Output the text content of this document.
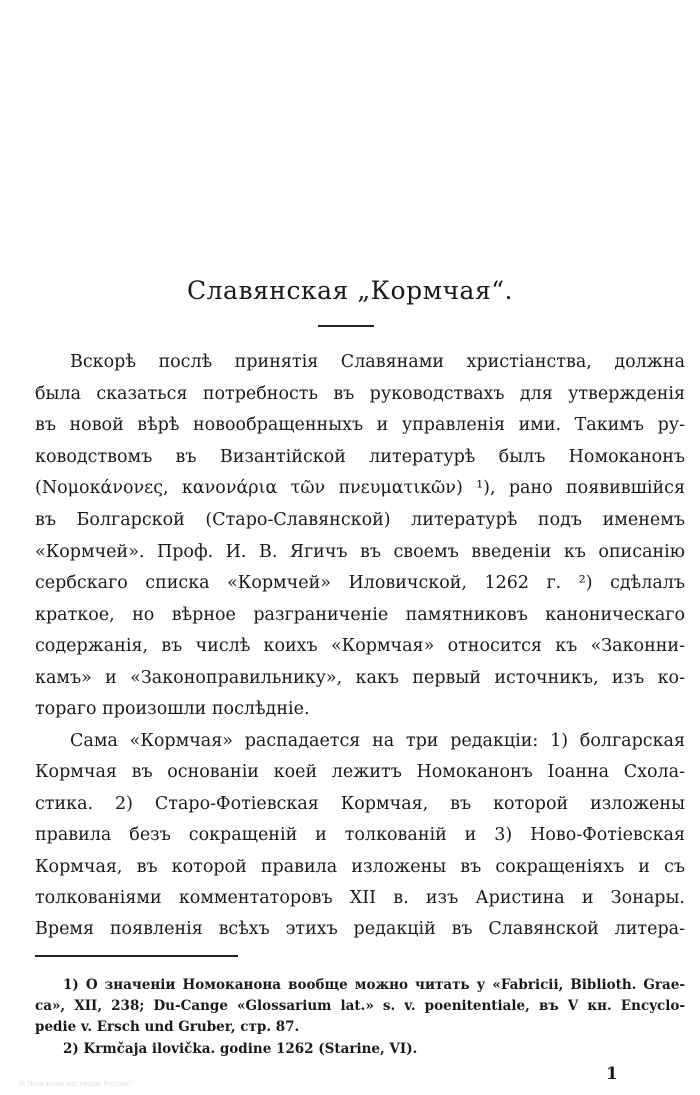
Славянская „Кормчая“.
Вскорѣ послѣ принятія Славянами христіанства, должна
была сказаться потребность въ руководствахъ для утвержденія
въ новой вѣрѣ новообращенныхъ и управленія ими. Такимъ ру-
ководствомъ въ Византійской литературѣ былъ Номоканонъ
(Νομοκάνονες, κανονάρια τῶν πνευματικῶν) ¹), рано появившійся
въ Болгарской (Старо-Славянской) литературѣ подъ именемъ
«Кормчей». Проф. И. В. Ягичъ въ своемъ введеніи къ описанію
сербскаго списка «Кормчей» Иловичской, 1262 г. ²) сдѣлалъ
краткое, но вѣрное разграниченіе памятниковъ каноническаго
содержанія, въ числѣ коихъ «Кормчая» относится къ «Законни-
камъ» и «Законоправильнику», какъ первый источникъ, изъ ко-
тораго произошли послѣдніе.
Сама «Кормчая» распадается на три редакціи: 1) болгарская
Кормчая въ основаніи коей лежитъ Номоканонъ Іоанна Схола-
стика. 2) Старо-Фотіевская Кормчая, въ которой изложены
правила безъ сокращеній и толкованій и 3) Ново-Фотіевская
Кормчая, въ которой правила изложены въ сокращеніяхъ и съ
толкованіями комментаторовъ XII в. изъ Аристина и Зонары.
Время появленія всѣхъ этихъ редакцій въ Славянской литера-
1) О значеніи Номоканона вообще можно читать у «Fabricii, Biblioth. Grae-
ca», XII, 238; Du-Cange «Glossarium lat.» s. v. poenitentiale, въ V кн. Encyclo-
pedie v. Ersch und Gruber, стр. 87.
2) Krmčaja ilovička. godine 1262 (Starine, VI).
1
© "Книжное наследие России"
